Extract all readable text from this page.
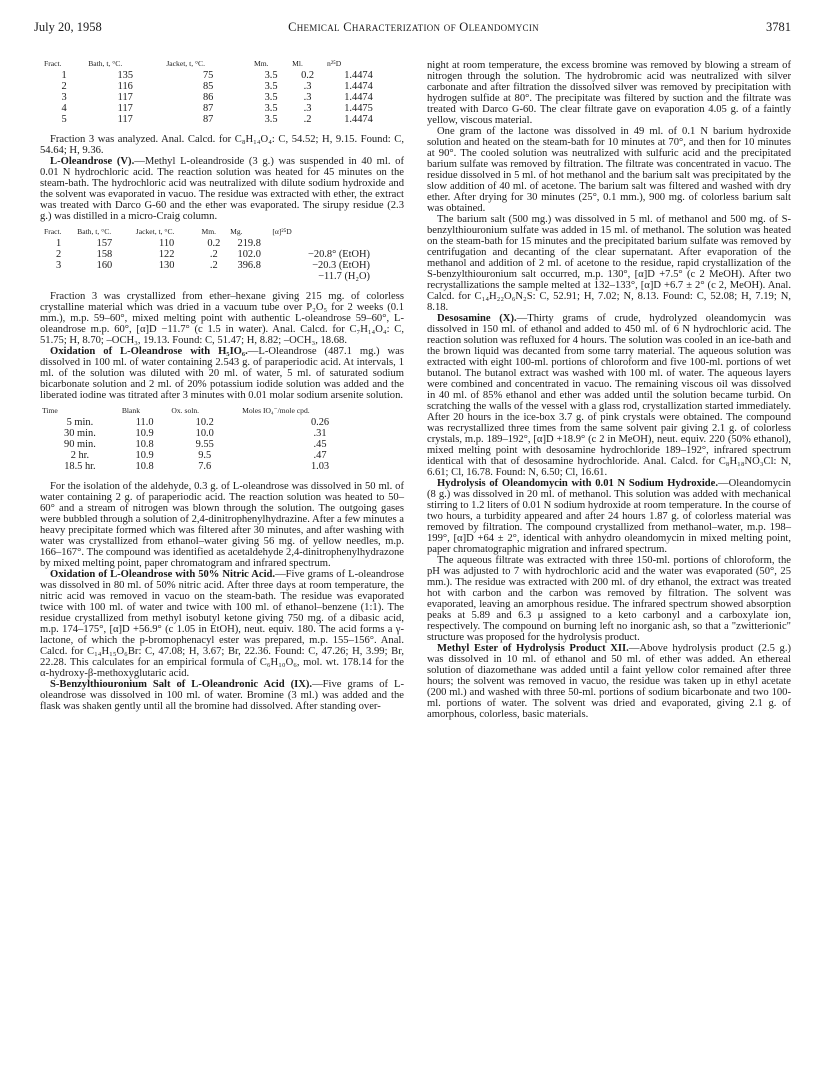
July 20, 1958	Chemical Characterization of Oleandomycin	3781
Fract.	Bath, t, °C.	Jacket, t, °C.	Mm.	Ml.	n²⁵D
1	135	75	3.5	0.2	1.4474
2	116	85	3.5	.3	1.4474
3	117	86	3.5	.3	1.4474
4	117	87	3.5	.3	1.4475
5	117	87	3.5	.2	1.4474

Fraction 3 was analyzed. Anal. Calcd. for C₈H₁₄O₄: C, 54.52; H, 9.15. Found: C, 54.64; H, 9.36.

L-Oleandrose (V).—Methyl L-oleandroside (3 g.) was suspended in 40 ml. of 0.01 N hydrochloric acid. The reaction solution was heated for 45 minutes on the steam-bath. The hydrochloric acid was neutralized with dilute sodium hydroxide and the solvent was evaporated in vacuo. The residue was extracted with ether, the extract was treated with Darco G-60 and the ether was evaporated. The sirupy residue (2.3 g.) was distilled in a micro-Craig column.

Fract.	Bath, t, °C.	Jacket, t, °C.	Mm.	Mg.	[α]²⁵D
1	157	110	0.2	219.8	
2	158	122	.2	102.0	−20.8° (EtOH)
3	160	130	.2	396.8	−20.3 (EtOH)
					−11.7 (H₂O)

Fraction 3 was crystallized from ether–hexane giving 215 mg. of colorless crystalline material which was dried in a vacuum tube over P₂O₅ for 2 weeks (0.1 mm.), m.p. 59–60°, mixed melting point with authentic L-oleandrose 59–60°, L-oleandrose m.p. 60°, [α]D −11.7° (c 1.5 in water). Anal. Calcd. for C₇H₁₄O₄: C, 51.75; H, 8.70; –OCH₃, 19.13. Found: C, 51.47; H, 8.82; –OCH₃, 18.68.

Oxidation of L-Oleandrose with H₅IO₆.—L-Oleandrose (487.1 mg.) was dissolved in 100 ml. of water containing 2.543 g. of paraperiodic acid. At intervals, 1 ml. of the solution was diluted with 20 ml. of water, 5 ml. of saturated sodium bicarbonate solution and 2 ml. of 20% potassium iodide solution was added and the liberated iodine was titrated after 3 minutes with 0.01 molar sodium arsenite solution.

Time	Blank	Ox. soln.	Moles IO₄⁻/mole cpd.
5 min.	11.0	10.2	0.26
30 min.	10.9	10.0	.31
90 min.	10.8	9.55	.45
2 hr.	10.9	9.5	.47
18.5 hr.	10.8	7.6	1.03

For the isolation of the aldehyde, 0.3 g. of L-oleandrose was dissolved in 50 ml. of water containing 2 g. of paraperiodic acid. The reaction solution was heated to 50–60° and a stream of nitrogen was blown through the solution. The outgoing gases were bubbled through a solution of 2,4-dinitrophenylhydrazine. After a few minutes a heavy precipitate formed which was filtered after 30 minutes, and after washing with water was crystallized from ethanol–water giving 56 mg. of yellow needles, m.p. 166–167°. The compound was identified as acetaldehyde 2,4-dinitrophenylhydrazone by mixed melting point, paper chromatogram and infrared spectrum.

Oxidation of L-Oleandrose with 50% Nitric Acid.—Five grams of L-oleandrose was dissolved in 80 ml. of 50% nitric acid. After three days at room temperature, the nitric acid was removed in vacuo on the steam-bath. The residue was evaporated twice with 100 ml. of water and twice with 100 ml. of ethanol–benzene (1:1). The residue crystallized from methyl isobutyl ketone giving 750 mg. of a dibasic acid, m.p. 174–175°, [α]D +56.9° (c 1.05 in EtOH), neut. equiv. 180. The acid forms a γ-lactone, of which the p-bromophenacyl ester was prepared, m.p. 155–156°. Anal. Calcd. for C₁₄H₁₅O₆Br: C, 47.08; H, 3.67; Br, 22.36. Found: C, 47.26; H, 3.99; Br, 22.28. This calculates for an empirical formula of C₆H₁₀O₆, mol. wt. 178.14 for the α-hydroxy-β-methoxyglutaric acid.

S-Benzylthiouronium Salt of L-Oleandronic Acid (IX).—Five grams of L-oleandrose was dissolved in 100 ml. of water. Bromine (3 ml.) was added and the flask was shaken gently until all the bromine had dissolved. After standing over-

night at room temperature, the excess bromine was removed by blowing a stream of nitrogen through the solution. The hydrobromic acid was neutralized with silver carbonate and after filtration the dissolved silver was removed by precipitation with hydrogen sulfide at 80°. The precipitate was filtered by suction and the filtrate was treated with Darco G-60. The clear filtrate gave on evaporation 4.05 g. of a faintly yellow, viscous material.

One gram of the lactone was dissolved in 49 ml. of 0.1 N barium hydroxide solution and heated on the steam-bath for 10 minutes at 70°, and then for 10 minutes at 90°. The cooled solution was neutralized with sulfuric acid and the precipitated barium sulfate was removed by filtration. The filtrate was concentrated in vacuo. The residue dissolved in 5 ml. of hot methanol and the barium salt was precipitated by the slow addition of 40 ml. of acetone. The barium salt was filtered and washed with dry ether. After drying for 30 minutes (25°, 0.1 mm.), 900 mg. of colorless barium salt was obtained.

The barium salt (500 mg.) was dissolved in 5 ml. of methanol and 500 mg. of S-benzylthiouronium sulfate was added in 15 ml. of methanol. The solution was heated on the steam-bath for 15 minutes and the precipitated barium sulfate was removed by centrifugation and decanting of the clear supernatant. After evaporation of the methanol and addition of 2 ml. of acetone to the residue, rapid crystallization of the S-benzylthiouronium salt occurred, m.p. 130°, [α]D +7.5° (c 2 MeOH). After two recrystallizations the sample melted at 132–133°, [α]D +6.7 ± 2° (c 2, MeOH). Anal. Calcd. for C₁₄H₂₂O₆N₂S: C, 52.91; H, 7.02; N, 8.13. Found: C, 52.08; H, 7.19; N, 8.18.

Desosamine (X).—Thirty grams of crude, hydrolyzed oleandomycin was dissolved in 150 ml. of ethanol and added to 450 ml. of 6 N hydrochloric acid. The reaction solution was refluxed for 4 hours. The solution was cooled in an ice-bath and the brown liquid was decanted from some tarry material. The aqueous solution was extracted with eight 100-ml. portions of chloroform and five 100-ml. portions of wet butanol. The butanol extract was washed with 100 ml. of water. The aqueous layers were combined and concentrated in vacuo. The remaining viscous oil was dissolved in 40 ml. of 85% ethanol and ether was added until the solution became turbid. On scratching the walls of the vessel with a glass rod, crystallization started immediately. After 20 hours in the ice-box 3.7 g. of pink crystals were obtained. The compound was recrystallized three times from the same solvent pair giving 2.1 g. of colorless crystals, m.p. 189–192°, [α]D +18.9° (c 2 in MeOH), neut. equiv. 220 (50% ethanol), mixed melting point with desosamine hydrochloride 189–192°, infrared spectrum identical with that of desosamine hydrochloride. Anal. Calcd. for C₈H₁₈NO₃Cl: N, 6.61; Cl, 16.78. Found: N, 6.50; Cl, 16.61.

Hydrolysis of Oleandomycin with 0.01 N Sodium Hydroxide.—Oleandomycin (8 g.) was dissolved in 20 ml. of methanol. This solution was added with mechanical stirring to 1.2 liters of 0.01 N sodium hydroxide at room temperature. In the course of two hours, a turbidity appeared and after 24 hours 1.87 g. of colorless material was removed by filtration. The compound crystallized from methanol–water, m.p. 198–199°, [α]D +64 ± 2°, identical with anhydro oleandomycin in mixed melting point, paper chromatographic migration and infrared spectrum.

The aqueous filtrate was extracted with three 150-ml. portions of chloroform, the pH was adjusted to 7 with hydrochloric acid and the water was evaporated (50°, 25 mm.). The residue was extracted with 200 ml. of dry ethanol, the extract was treated hot with carbon and the carbon was removed by filtration. The solvent was evaporated, leaving an amorphous residue. The infrared spectrum showed absorption peaks at 5.89 and 6.3 μ assigned to a keto carbonyl and a carboxylate ion, respectively. The compound on burning left no inorganic ash, so that a "zwitterionic" structure was proposed for the hydrolysis product.

Methyl Ester of Hydrolysis Product XII.—Above hydrolysis product (2.5 g.) was dissolved in 10 ml. of ethanol and 50 ml. of ether was added. An ethereal solution of diazomethane was added until a faint yellow color remained after three hours; the solvent was removed in vacuo, the residue was taken up in ethyl acetate (200 ml.) and washed with three 50-ml. portions of sodium bicarbonate and two 100-ml. portions of water. The solvent was dried and evaporated, giving 2.1 g. of amorphous, colorless, basic materials.
